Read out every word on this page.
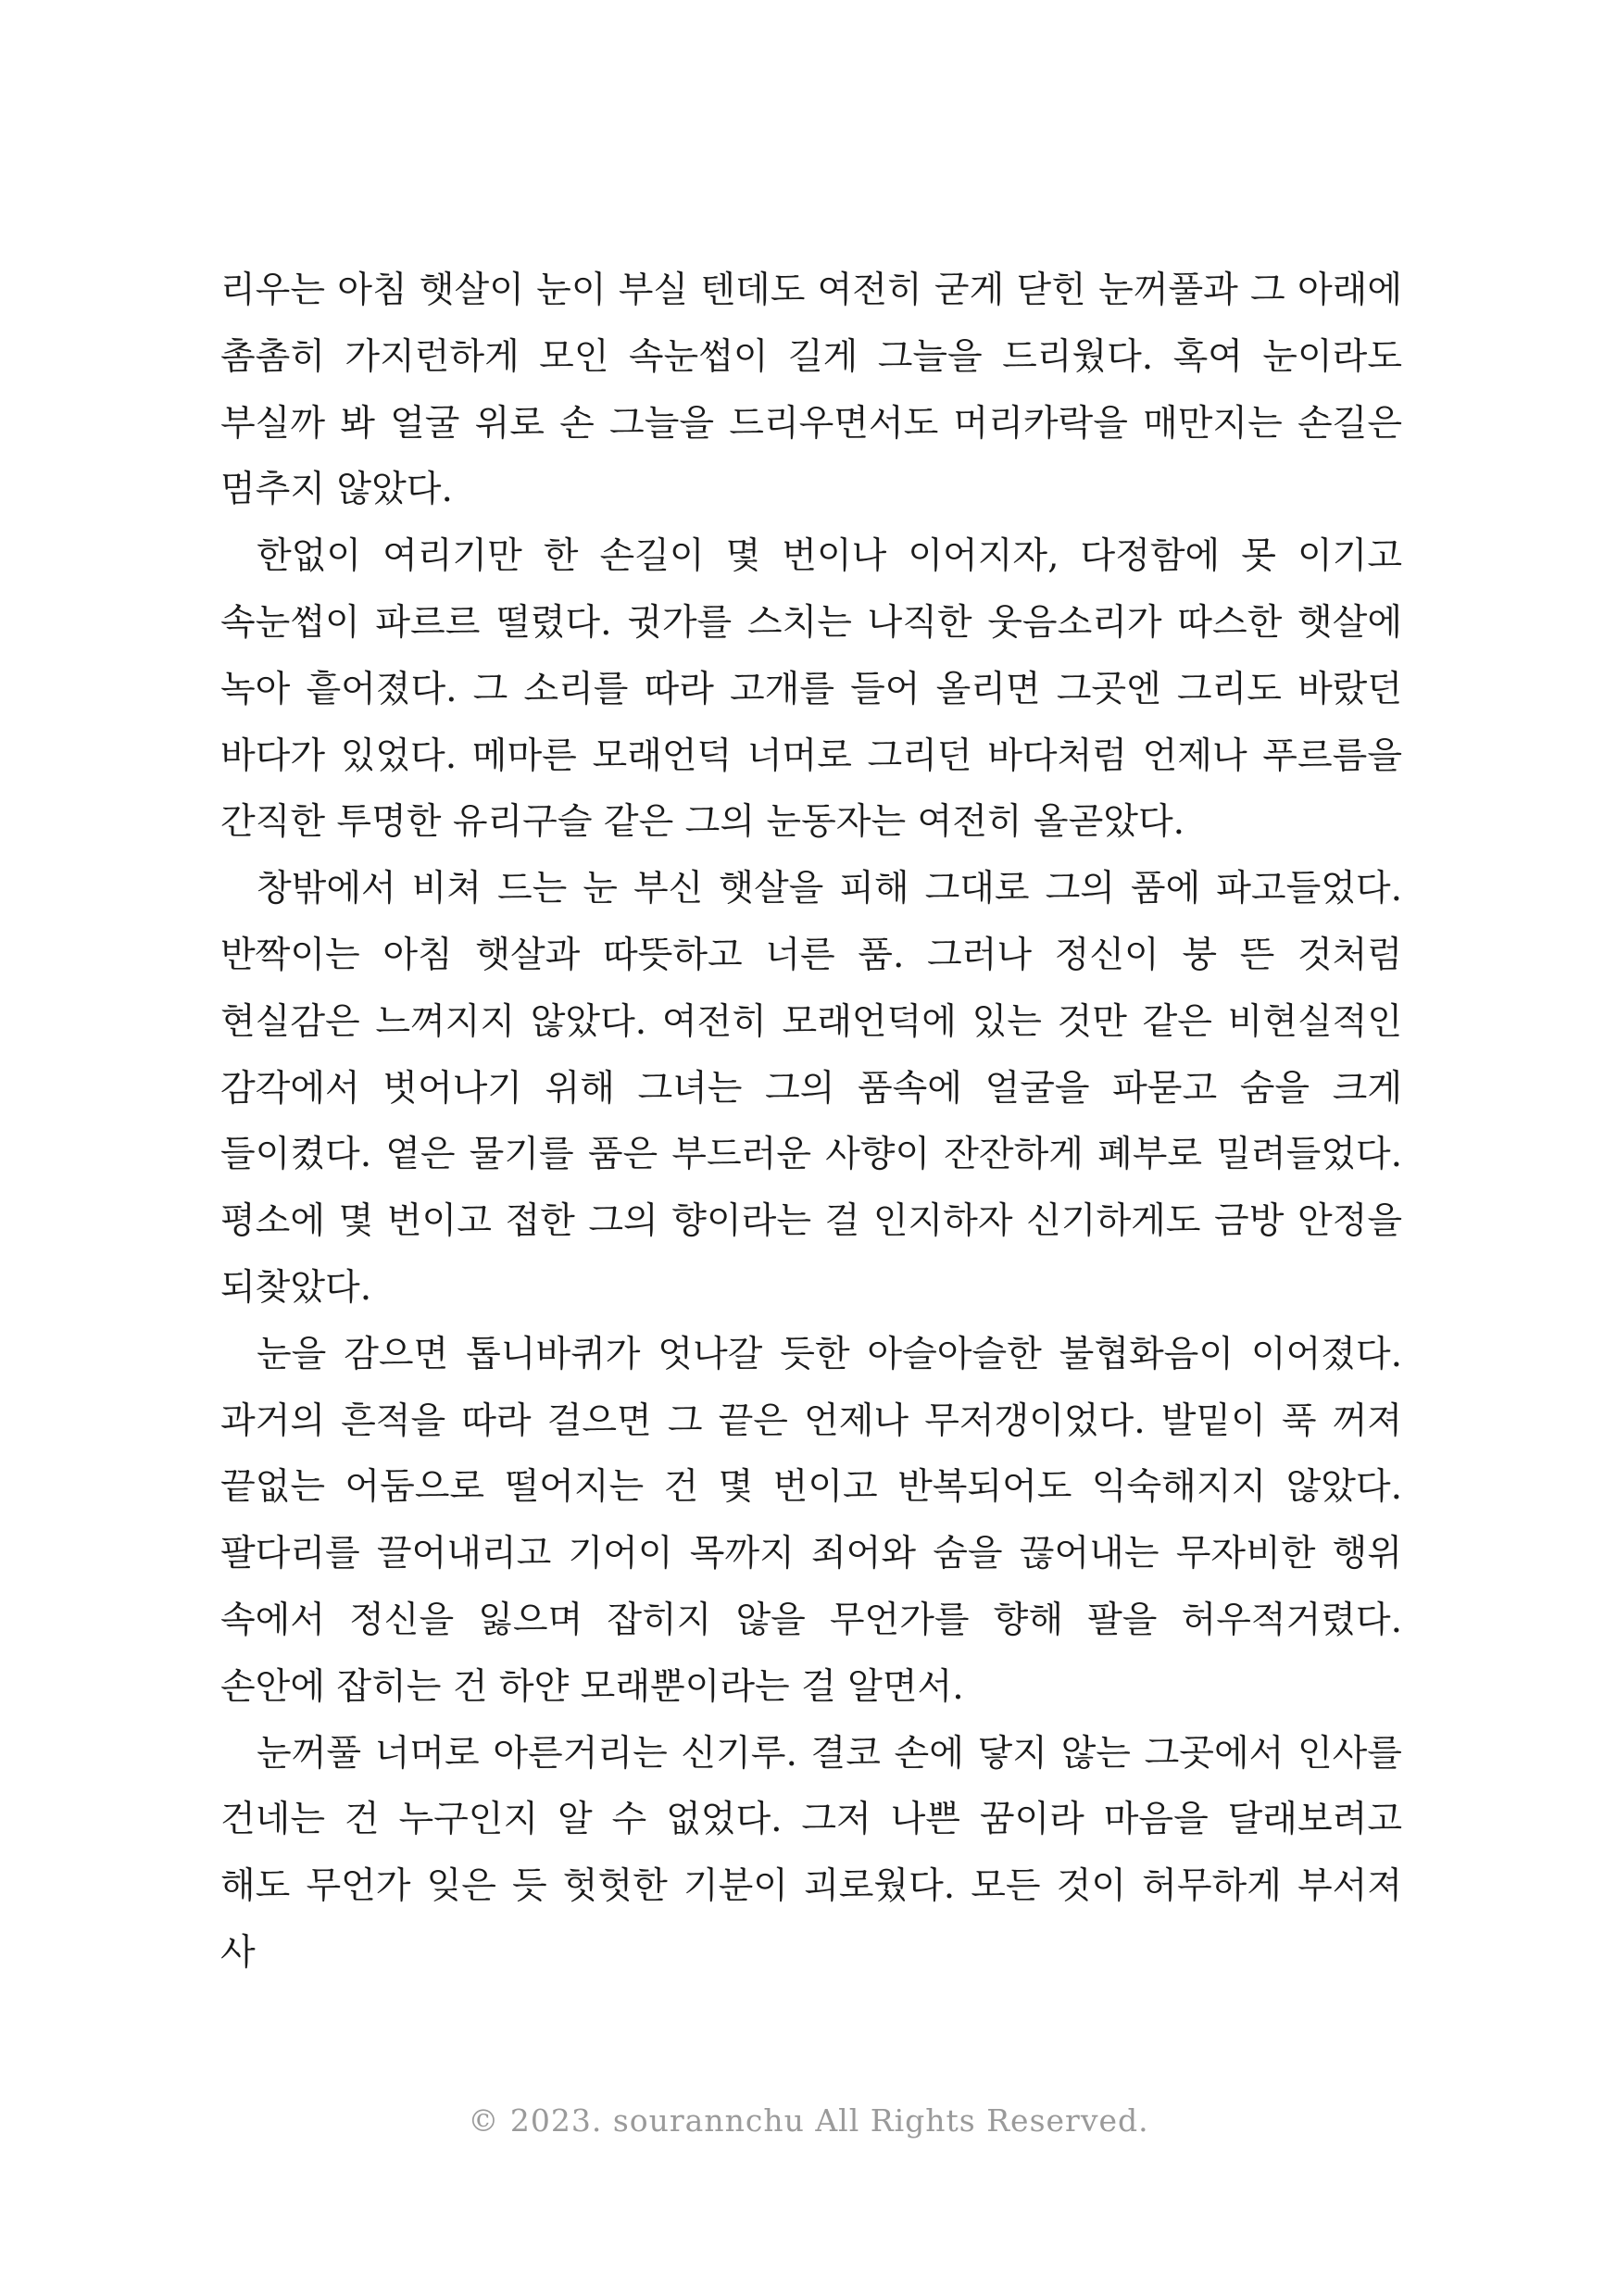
리우는 아침 햇살이 눈이 부실 텐데도 여전히 굳게 닫힌 눈꺼풀과 그 아래에 촘촘히 가지런하게 모인 속눈썹이 길게 그늘을 드리웠다. 혹여 눈이라도 부실까 봐 얼굴 위로 손 그늘을 드리우면서도 머리카락을 매만지는 손길은 멈추지 않았다.

한없이 여리기만 한 손길이 몇 번이나 이어지자, 다정함에 못 이기고 속눈썹이 파르르 떨렸다. 귓가를 스치는 나직한 웃음소리가 따스한 햇살에 녹아 흩어졌다. 그 소리를 따라 고개를 들어 올리면 그곳엔 그리도 바랐던 바다가 있었다. 메마른 모래언덕 너머로 그리던 바다처럼 언제나 푸르름을 간직한 투명한 유리구슬 같은 그의 눈동자는 여전히 올곧았다.

창밖에서 비쳐 드는 눈 부신 햇살을 피해 그대로 그의 품에 파고들었다. 반짝이는 아침 햇살과 따뜻하고 너른 품. 그러나 정신이 붕 뜬 것처럼 현실감은 느껴지지 않았다. 여전히 모래언덕에 있는 것만 같은 비현실적인 감각에서 벗어나기 위해 그녀는 그의 품속에 얼굴을 파묻고 숨을 크게 들이켰다. 옅은 물기를 품은 부드러운 사향이 잔잔하게 폐부로 밀려들었다. 평소에 몇 번이고 접한 그의 향이라는 걸 인지하자 신기하게도 금방 안정을 되찾았다.

눈을 감으면 톱니바퀴가 엇나갈 듯한 아슬아슬한 불협화음이 이어졌다. 과거의 흔적을 따라 걸으면 그 끝은 언제나 무저갱이었다. 발밑이 푹 꺼져 끝없는 어둠으로 떨어지는 건 몇 번이고 반복되어도 익숙해지지 않았다. 팔다리를 끌어내리고 기어이 목까지 죄어와 숨을 끊어내는 무자비한 행위 속에서 정신을 잃으며 잡히지 않을 무언가를 향해 팔을 허우적거렸다. 손안에 잡히는 건 하얀 모래뿐이라는 걸 알면서.

눈꺼풀 너머로 아른거리는 신기루. 결코 손에 닿지 않는 그곳에서 인사를 건네는 건 누구인지 알 수 없었다. 그저 나쁜 꿈이라 마음을 달래보려고 해도 무언가 잊은 듯 헛헛한 기분이 괴로웠다. 모든 것이 허무하게 부서져 사

© 2023. sourannchu All Rights Reserved.
